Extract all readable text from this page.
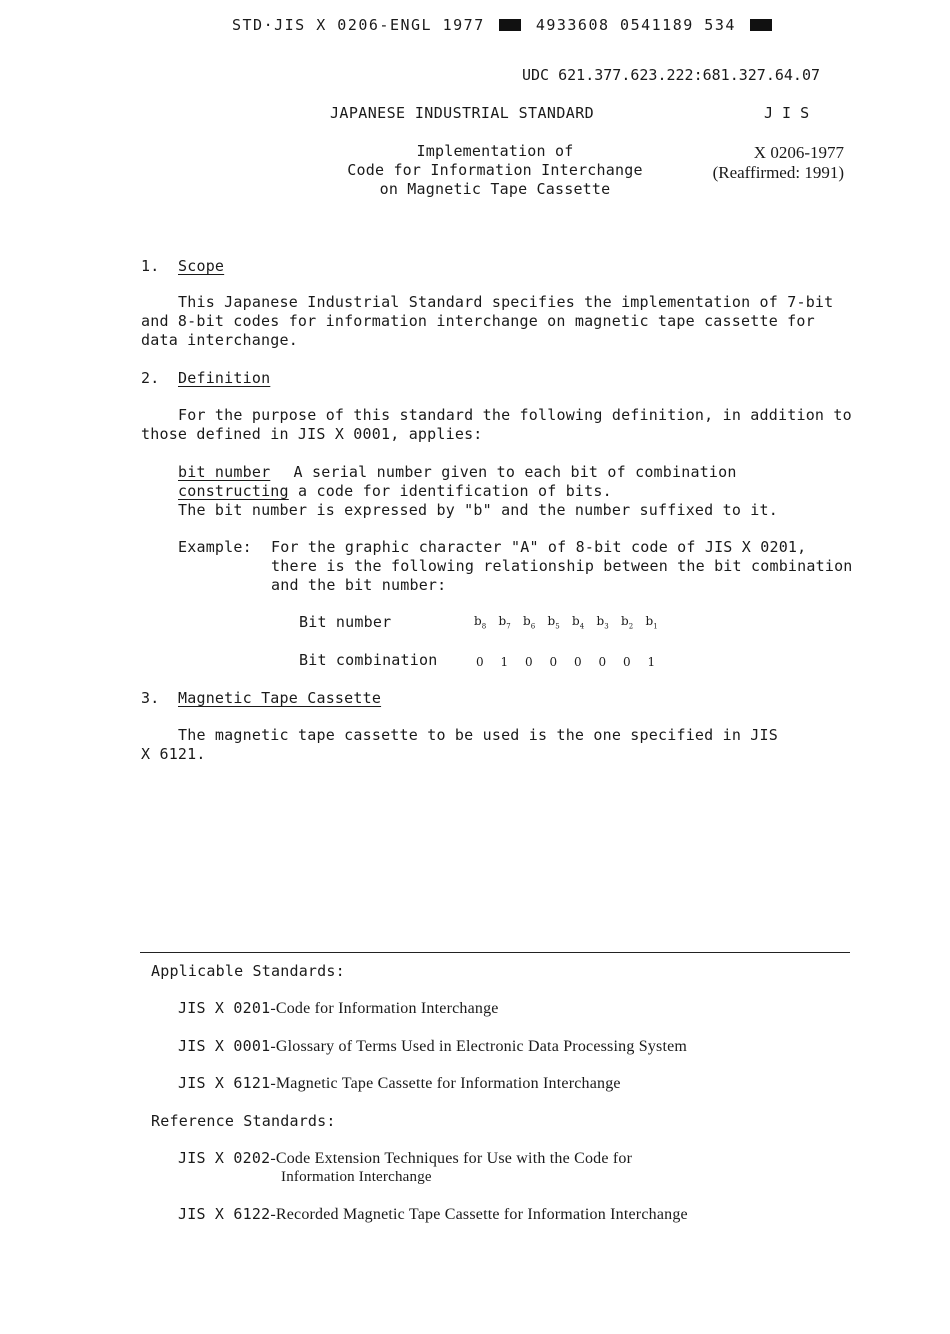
STD·JIS X 0206-ENGL 1977	4933608 0541189 534
UDC 621.377.623.222:681.327.64.07
JAPANESE INDUSTRIAL STANDARD	J I S
Implementation of
Code for Information Interchange
on Magnetic Tape Cassette
X 0206-1977
(Reaffirmed: 1991)
1. Scope
This Japanese Industrial Standard specifies the implementation of 7-bit
and 8-bit codes for information interchange on magnetic tape cassette for
data interchange.
2. Definition
For the purpose of this standard the following definition, in addition to
those defined in JIS X 0001, applies:
bit number A serial number given to each bit of combination
constructing a code for identification of bits.
The bit number is expressed by "b" and the number suffixed to it.
Example: For the graphic character "A" of 8-bit code of JIS X 0201,
there is the following relationship between the bit combination
and the bit number:
Bit number	$b_8$ $b_7$ $b_6$ $b_5$ $b_4$ $b_3$ $b_2$ $b_1$
Bit combination	0 1 0 0 0 0 0 1
3. Magnetic Tape Cassette
The magnetic tape cassette to be used is the one specified in JIS
X 6121.
Applicable Standards:
JIS X 0201-Code for Information Interchange
JIS X 0001-Glossary of Terms Used in Electronic Data Processing System
JIS X 6121-Magnetic Tape Cassette for Information Interchange
Reference Standards:
JIS X 0202-Code Extension Techniques for Use with the Code for
Information Interchange
JIS X 6122-Recorded Magnetic Tape Cassette for Information Interchange
